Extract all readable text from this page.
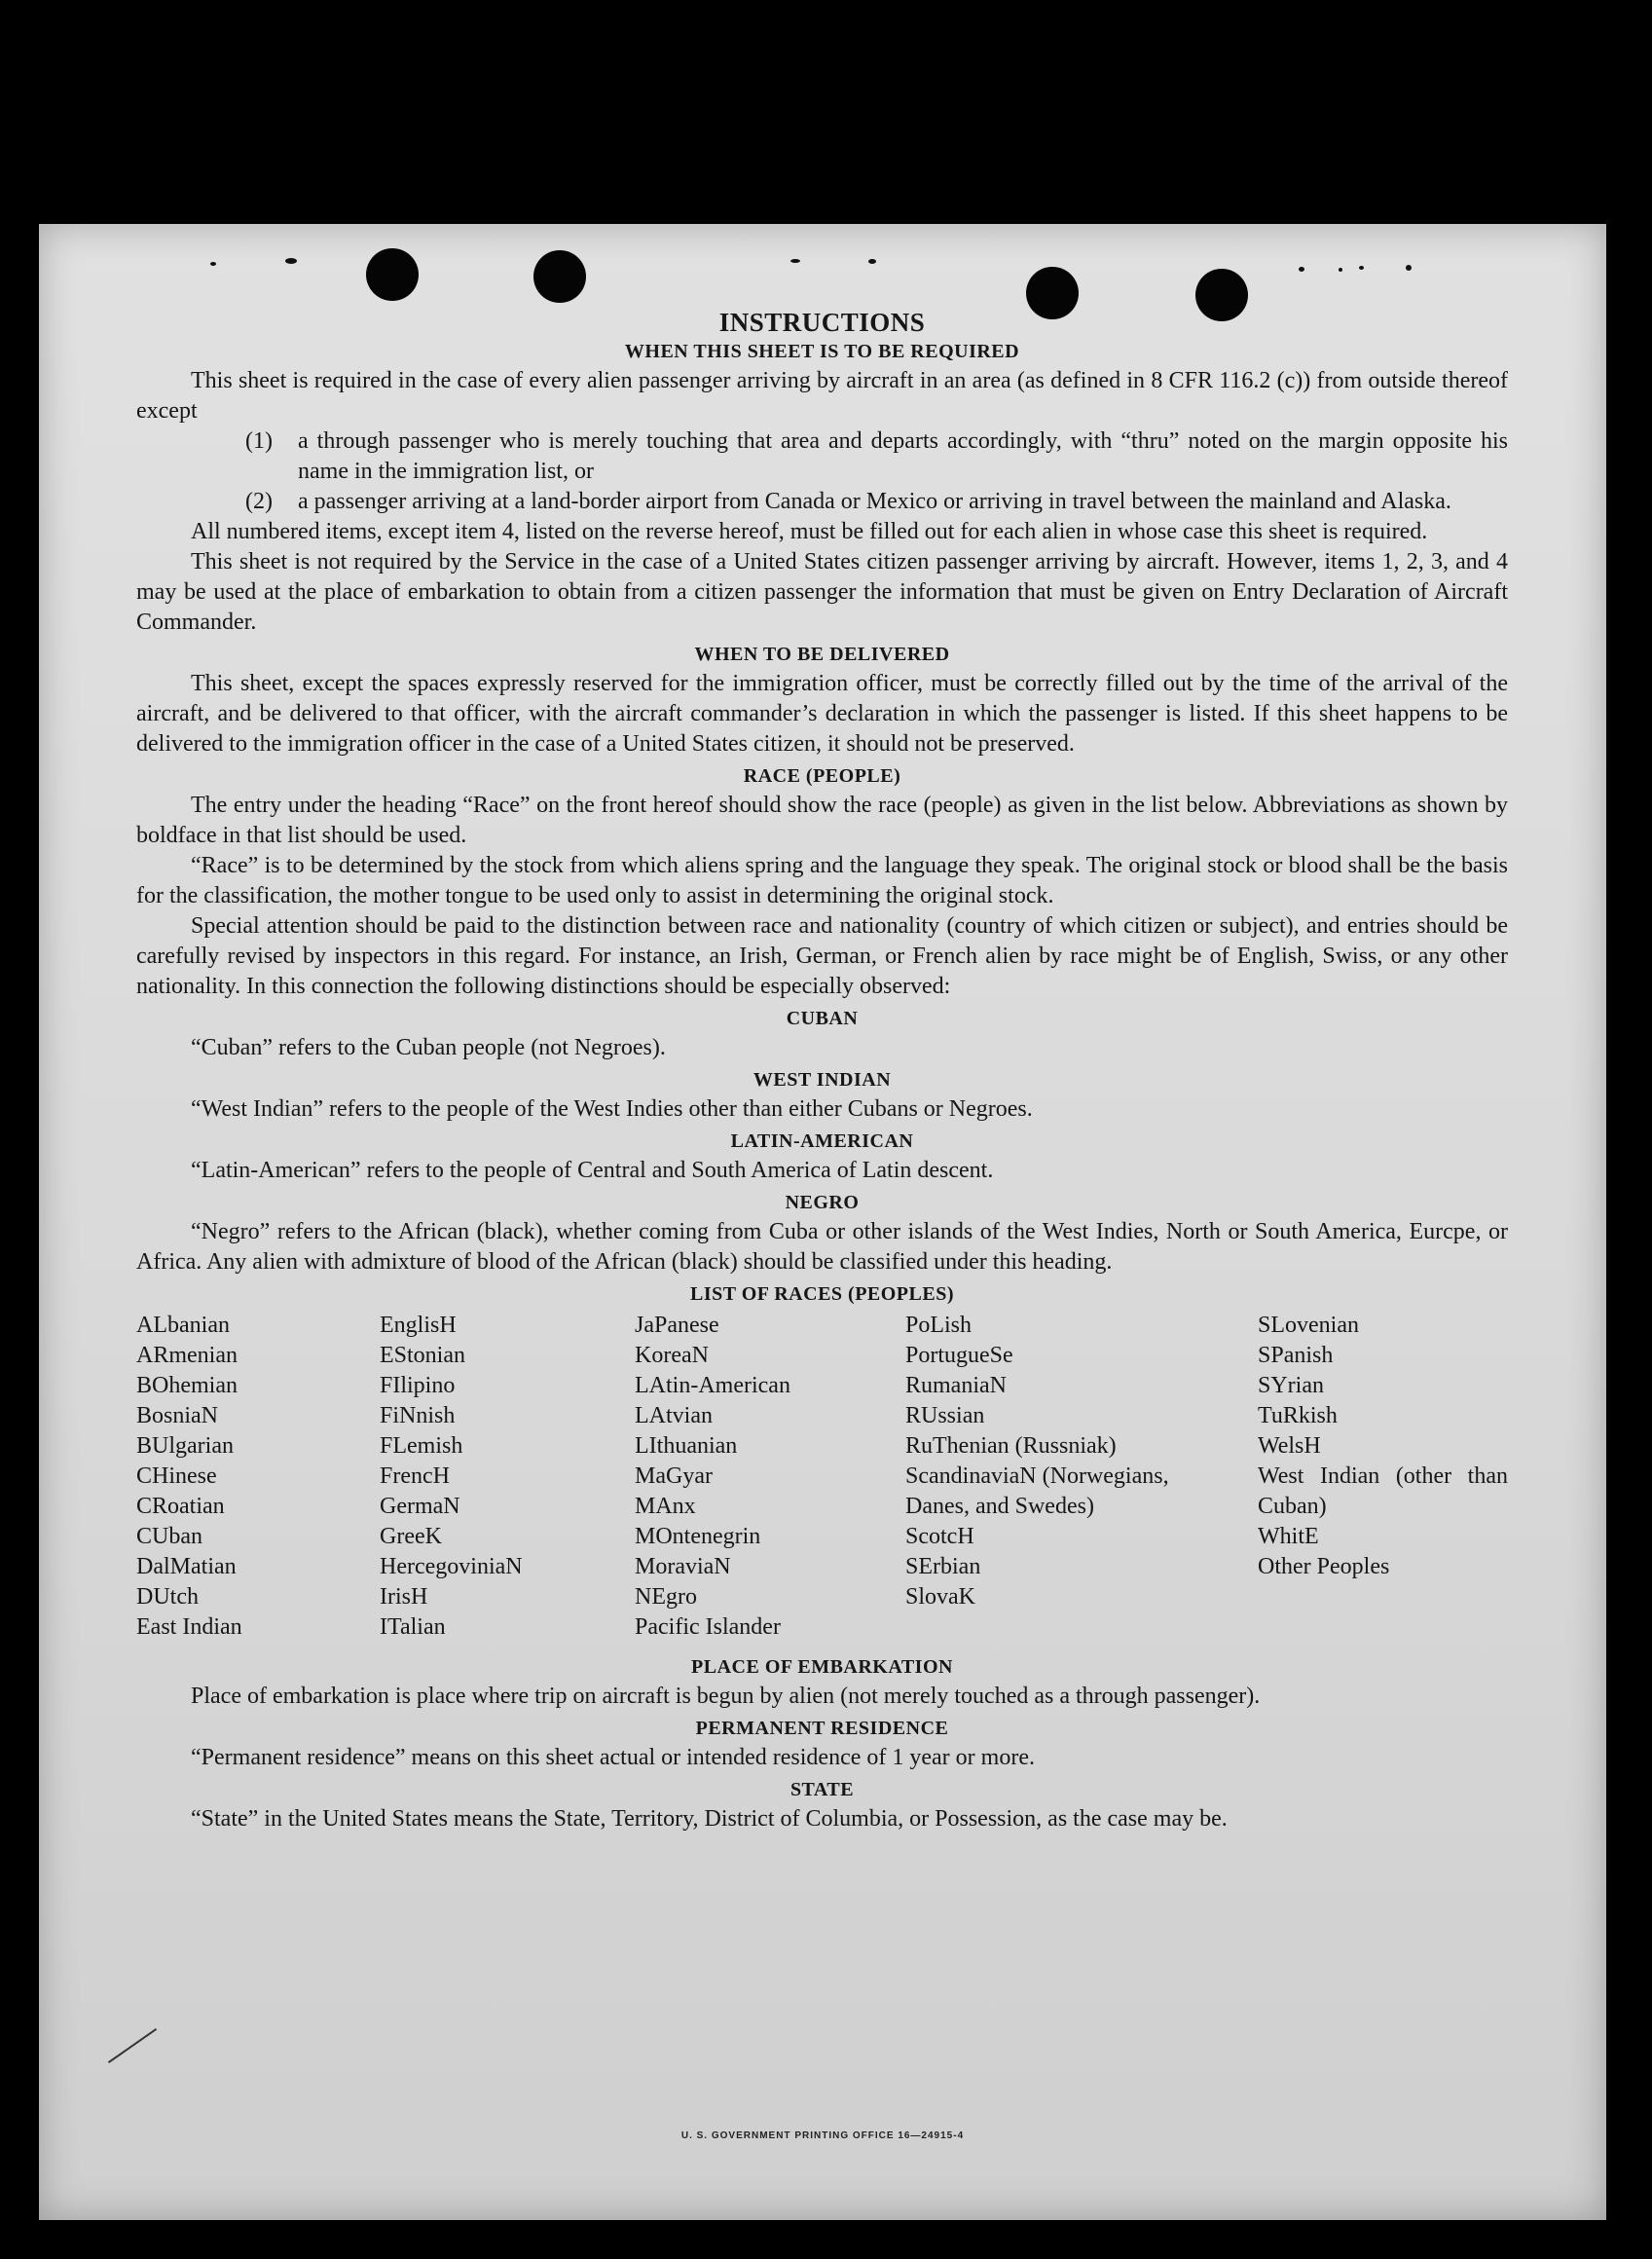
INSTRUCTIONS
WHEN THIS SHEET IS TO BE REQUIRED

This sheet is required in the case of every alien passenger arriving by aircraft in an area (as defined in 8 CFR 116.2 (c)) from outside thereof except

(1)	a through passenger who is merely touching that area and departs accordingly, with “thru” noted on the margin opposite his name in the immigration list, or
(2)	a passenger arriving at a land-border airport from Canada or Mexico or arriving in travel between the mainland and Alaska.

All numbered items, except item 4, listed on the reverse hereof, must be filled out for each alien in whose case this sheet is required.

This sheet is not required by the Service in the case of a United States citizen passenger arriving by aircraft. However, items 1, 2, 3, and 4 may be used at the place of embarkation to obtain from a citizen passenger the information that must be given on Entry Declaration of Aircraft Commander.

WHEN TO BE DELIVERED

This sheet, except the spaces expressly reserved for the immigration officer, must be correctly filled out by the time of the arrival of the aircraft, and be delivered to that officer, with the aircraft commander’s declaration in which the passenger is listed. If this sheet happens to be delivered to the immigration officer in the case of a United States citizen, it should not be preserved.

RACE (PEOPLE)

The entry under the heading “Race” on the front hereof should show the race (people) as given in the list below. Abbreviations as shown by boldface in that list should be used.

“Race” is to be determined by the stock from which aliens spring and the language they speak. The original stock or blood shall be the basis for the classification, the mother tongue to be used only to assist in determining the original stock.

Special attention should be paid to the distinction between race and nationality (country of which citizen or subject), and entries should be carefully revised by inspectors in this regard. For instance, an Irish, German, or French alien by race might be of English, Swiss, or any other nationality. In this connection the following distinctions should be especially observed:

CUBAN

“Cuban” refers to the Cuban people (not Negroes).

WEST INDIAN

“West Indian” refers to the people of the West Indies other than either Cubans or Negroes.

LATIN-AMERICAN

“Latin-American” refers to the people of Central and South America of Latin descent.

NEGRO

“Negro” refers to the African (black), whether coming from Cuba or other islands of the West Indies, North or South America, Eurcpe, or Africa. Any alien with admixture of blood of the African (black) should be classified under this heading.

LIST OF RACES (PEOPLES)
ALbanian
ARmenian
BOhemian
BosniaN
BUlgarian
CHinese
CRoatian
CUban
DalMatian
DUtch
East Indian
EnglisH
EStonian
FIlipino
FiNnish
FLemish
FrencH
GermaN
GreeK
HercegoviniaN
IrisH
ITalian
JaPanese
KoreaN
LAtin-American
LAtvian
LIthuanian
MaGyar
MAnx
MOntenegrin
MoraviaN
NEgro
Pacific Islander
PoLish
PortugueSe
RumaniaN
RUssian
RuThenian (Russniak)
ScandinaviaN (Norwegians, Danes, and Swedes)
ScotcH
SErbian
SlovaK
SLovenian
SPanish
SYrian
TuRkish
WelsH
West Indian (other than Cuban)
WhitE
Other Peoples
PLACE OF EMBARKATION

Place of embarkation is place where trip on aircraft is begun by alien (not merely touched as a through passenger).

PERMANENT RESIDENCE

“Permanent residence” means on this sheet actual or intended residence of 1 year or more.

STATE

“State” in the United States means the State, Territory, District of Columbia, or Possession, as the case may be.

U. S. GOVERNMENT PRINTING OFFICE 16—24915-4
